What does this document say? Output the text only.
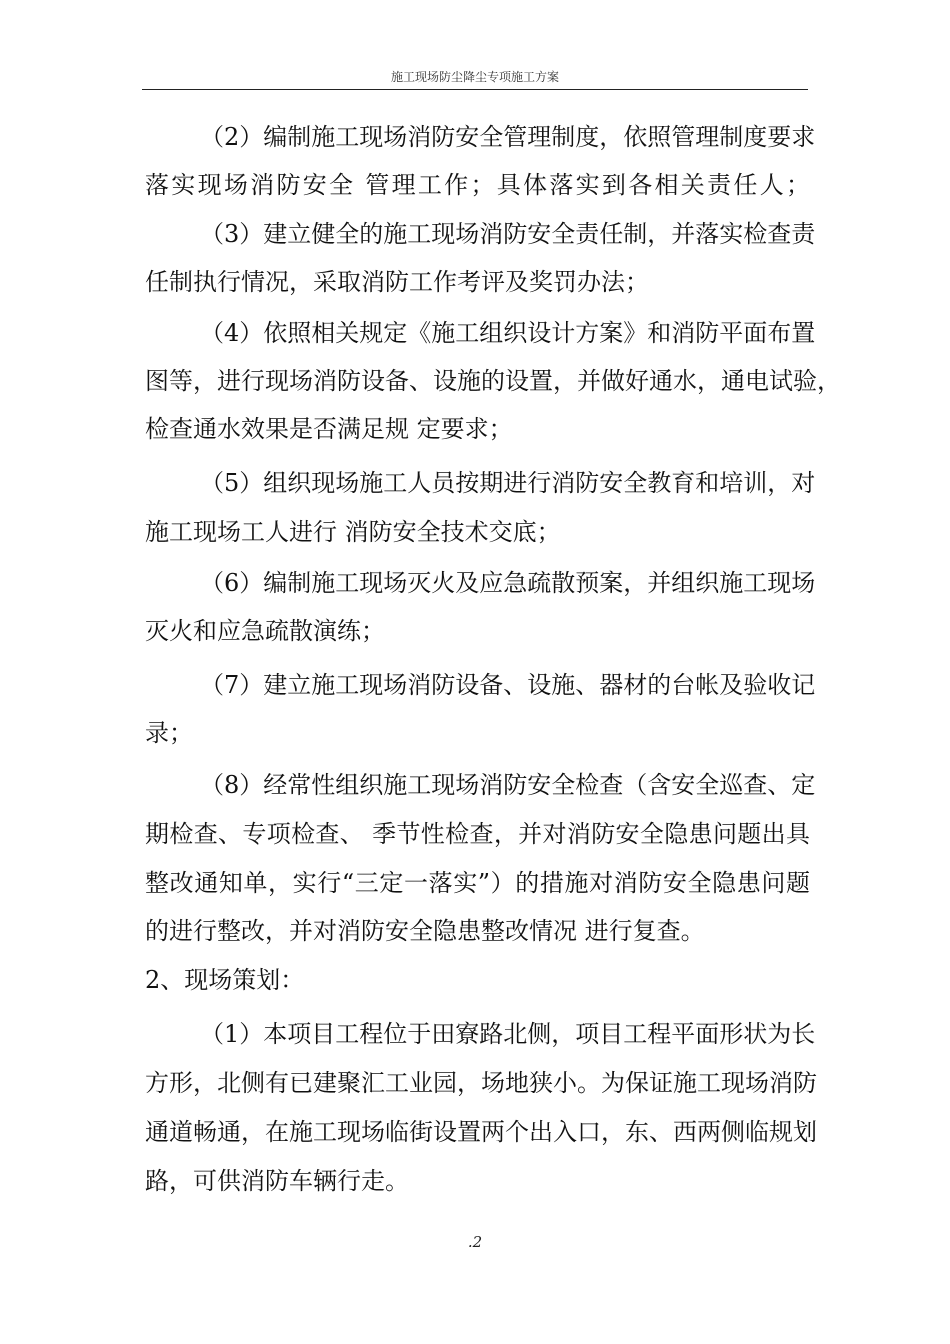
施工现场防尘降尘专项施工方案
（2）编制施工现场消防安全管理制度，依照管理制度要求
落实现场消防安全 管理工作；具体落实到各相关责任人；
（3）建立健全的施工现场消防安全责任制，并落实检查责
任制执行情况，采取消防工作考评及奖罚办法；
（4）依照相关规定《施工组织设计方案》和消防平面布置
图等，进行现场消防设备、设施的设置，并做好通水，通电试验，
检查通水效果是否满足规 定要求；
（5）组织现场施工人员按期进行消防安全教育和培训，对
施工现场工人进行 消防安全技术交底；
（6）编制施工现场灭火及应急疏散预案，并组织施工现场
灭火和应急疏散演练；
（7）建立施工现场消防设备、设施、器材的台帐及验收记
录；
（8）经常性组织施工现场消防安全检查（含安全巡查、定
期检查、专项检查、 季节性检查，并对消防安全隐患问题出具
整改通知单，实行“三定一落实”）的措施对消防安全隐患问题
的进行整改，并对消防安全隐患整改情况 进行复查。
2、现场策划：
（1）本项目工程位于田寮路北侧，项目工程平面形状为长
方形，北侧有已建聚汇工业园，场地狭小。为保证施工现场消防
通道畅通，在施工现场临街设置两个出入口，东、西两侧临规划
路，可供消防车辆行走。
.2
